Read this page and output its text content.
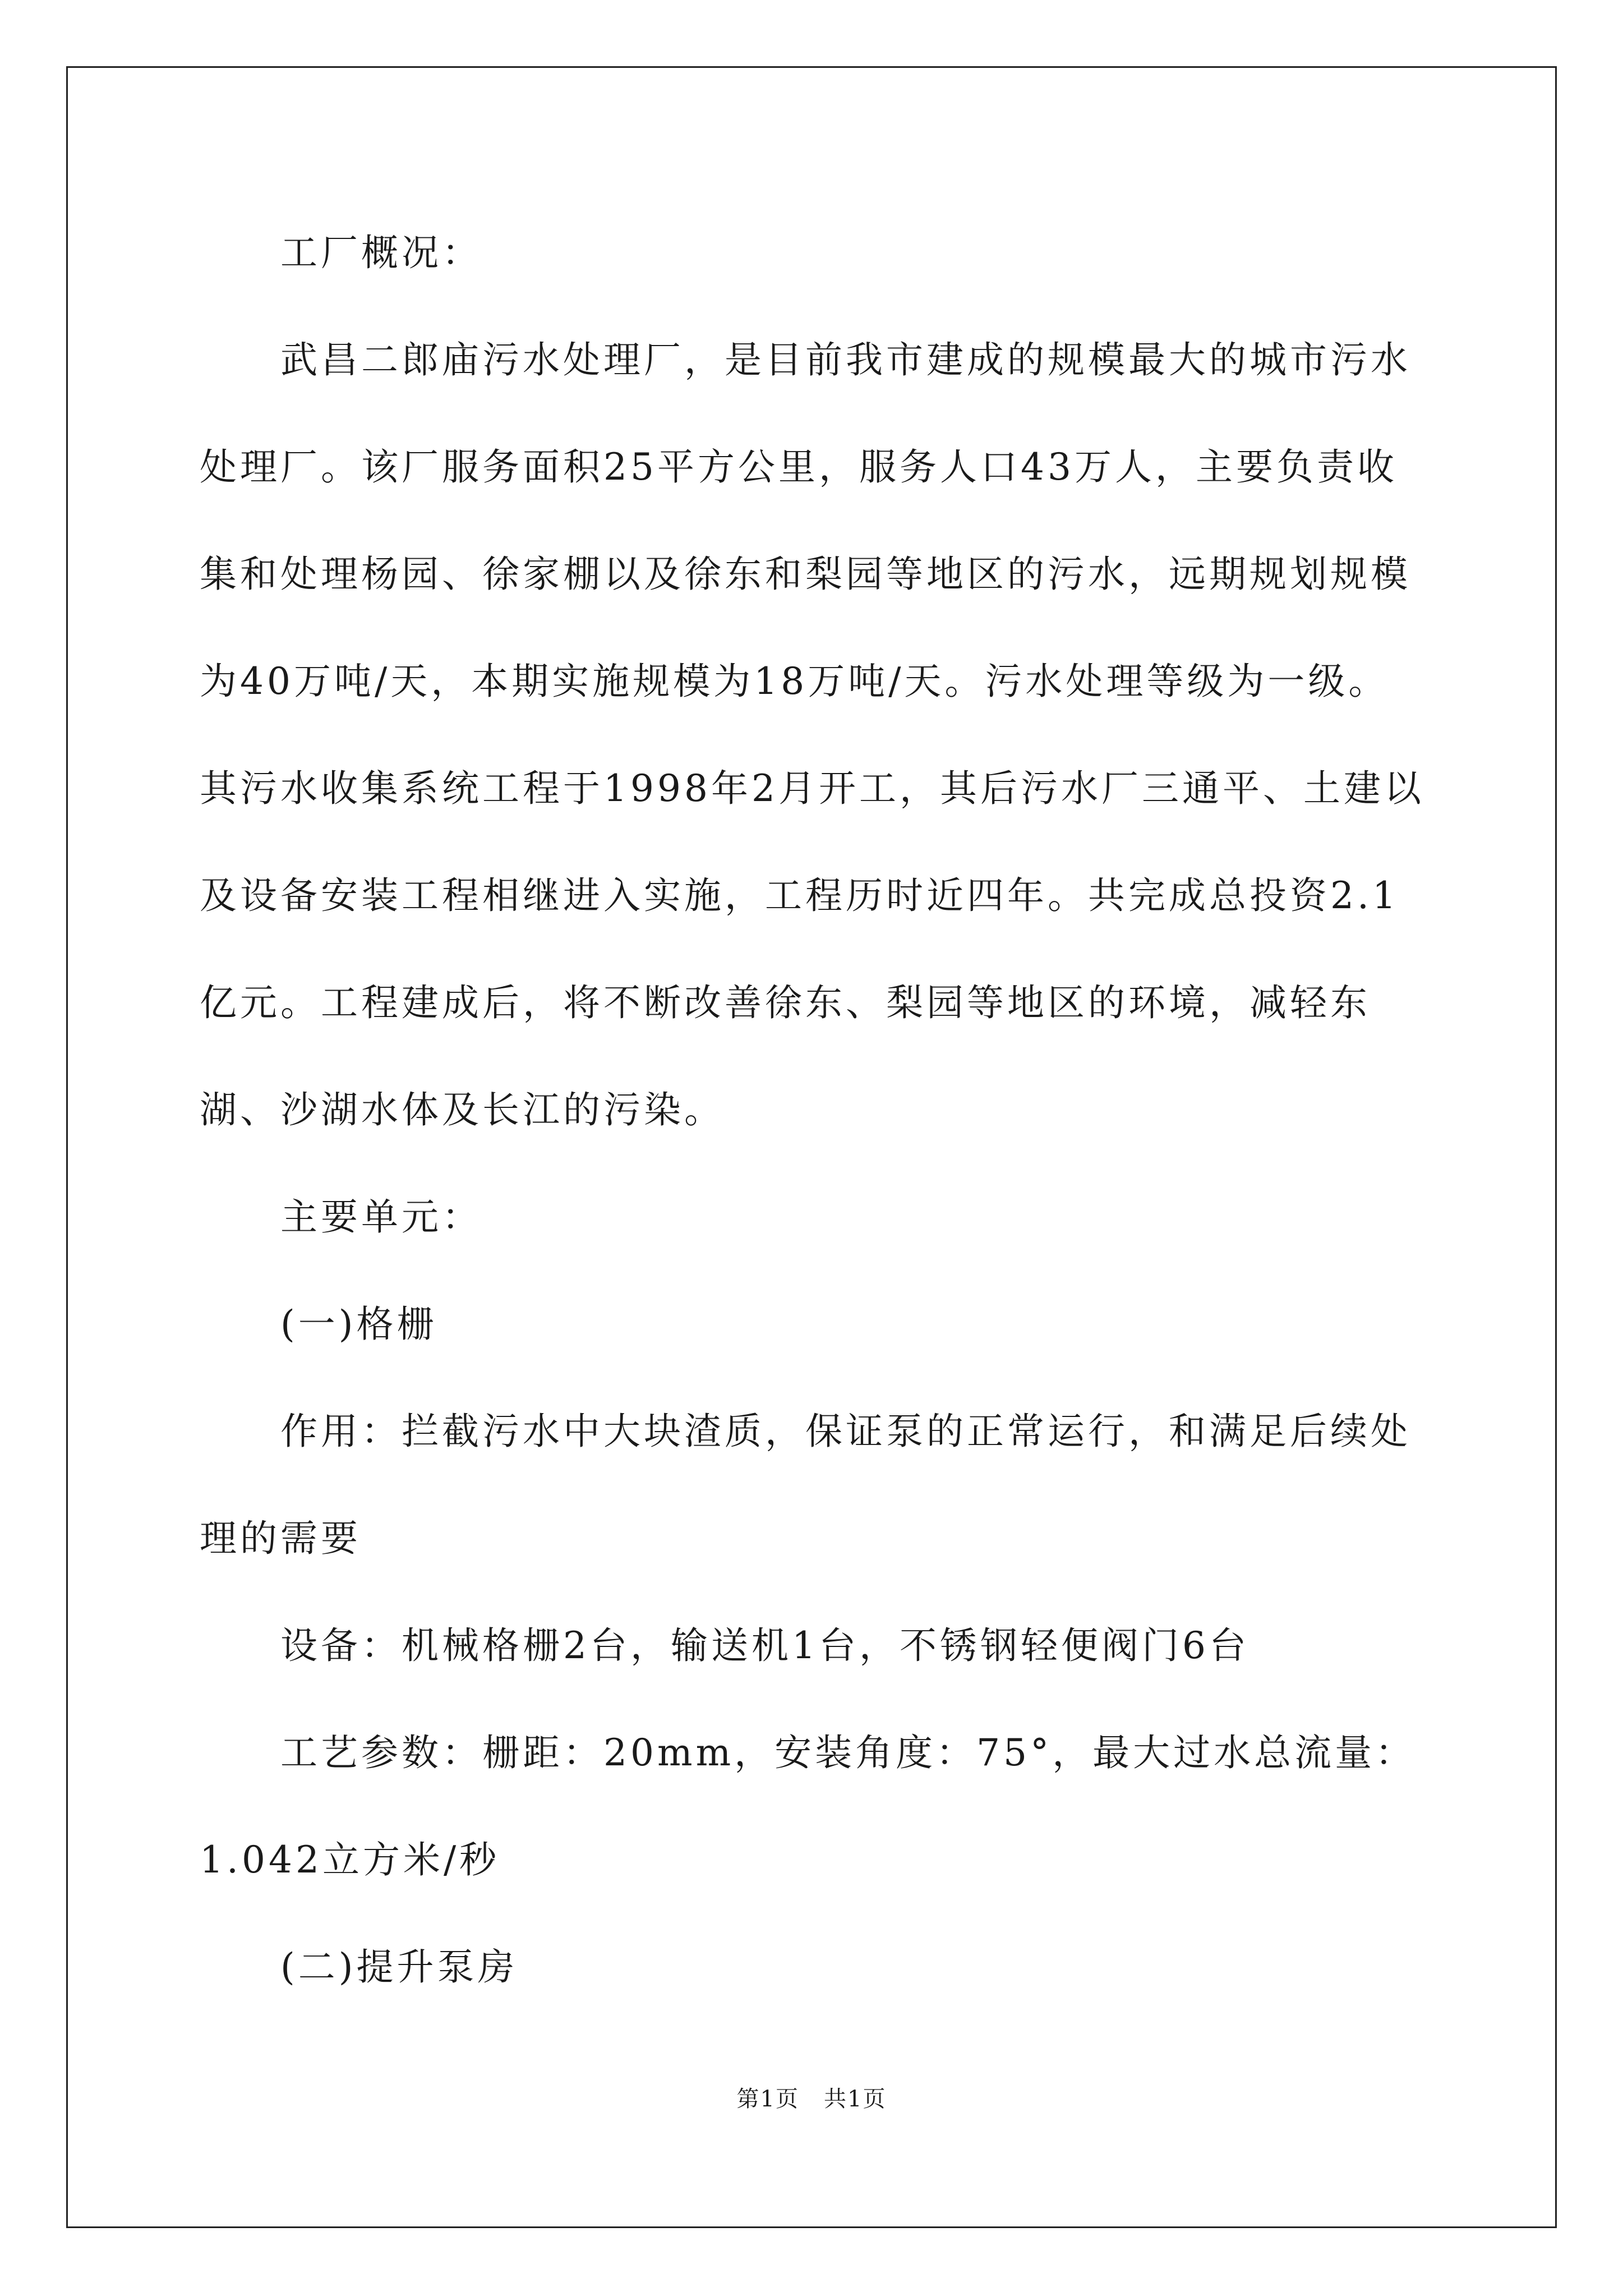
工厂概况：

武昌二郎庙污水处理厂，是目前我市建成的规模最大的城市污水处理厂。该厂服务面积25平方公里，服务人口43万人，主要负责收集和处理杨园、徐家棚以及徐东和梨园等地区的污水，远期规划规模为40万吨/天，本期实施规模为18万吨/天。污水处理等级为一级。其污水收集系统工程于1998年2月开工，其后污水厂三通平、土建以及设备安装工程相继进入实施，工程历时近四年。共完成总投资2.1亿元。工程建成后，将不断改善徐东、梨园等地区的环境，减轻东湖、沙湖水体及长江的污染。

主要单元：

(一)格栅

作用：拦截污水中大块渣质，保证泵的正常运行，和满足后续处理的需要

设备：机械格栅2台，输送机1台，不锈钢轻便阀门6台

工艺参数：栅距：20mm，安装角度：75°，最大过水总流量：1.042立方米/秒

(二)提升泵房

第1页 共1页
